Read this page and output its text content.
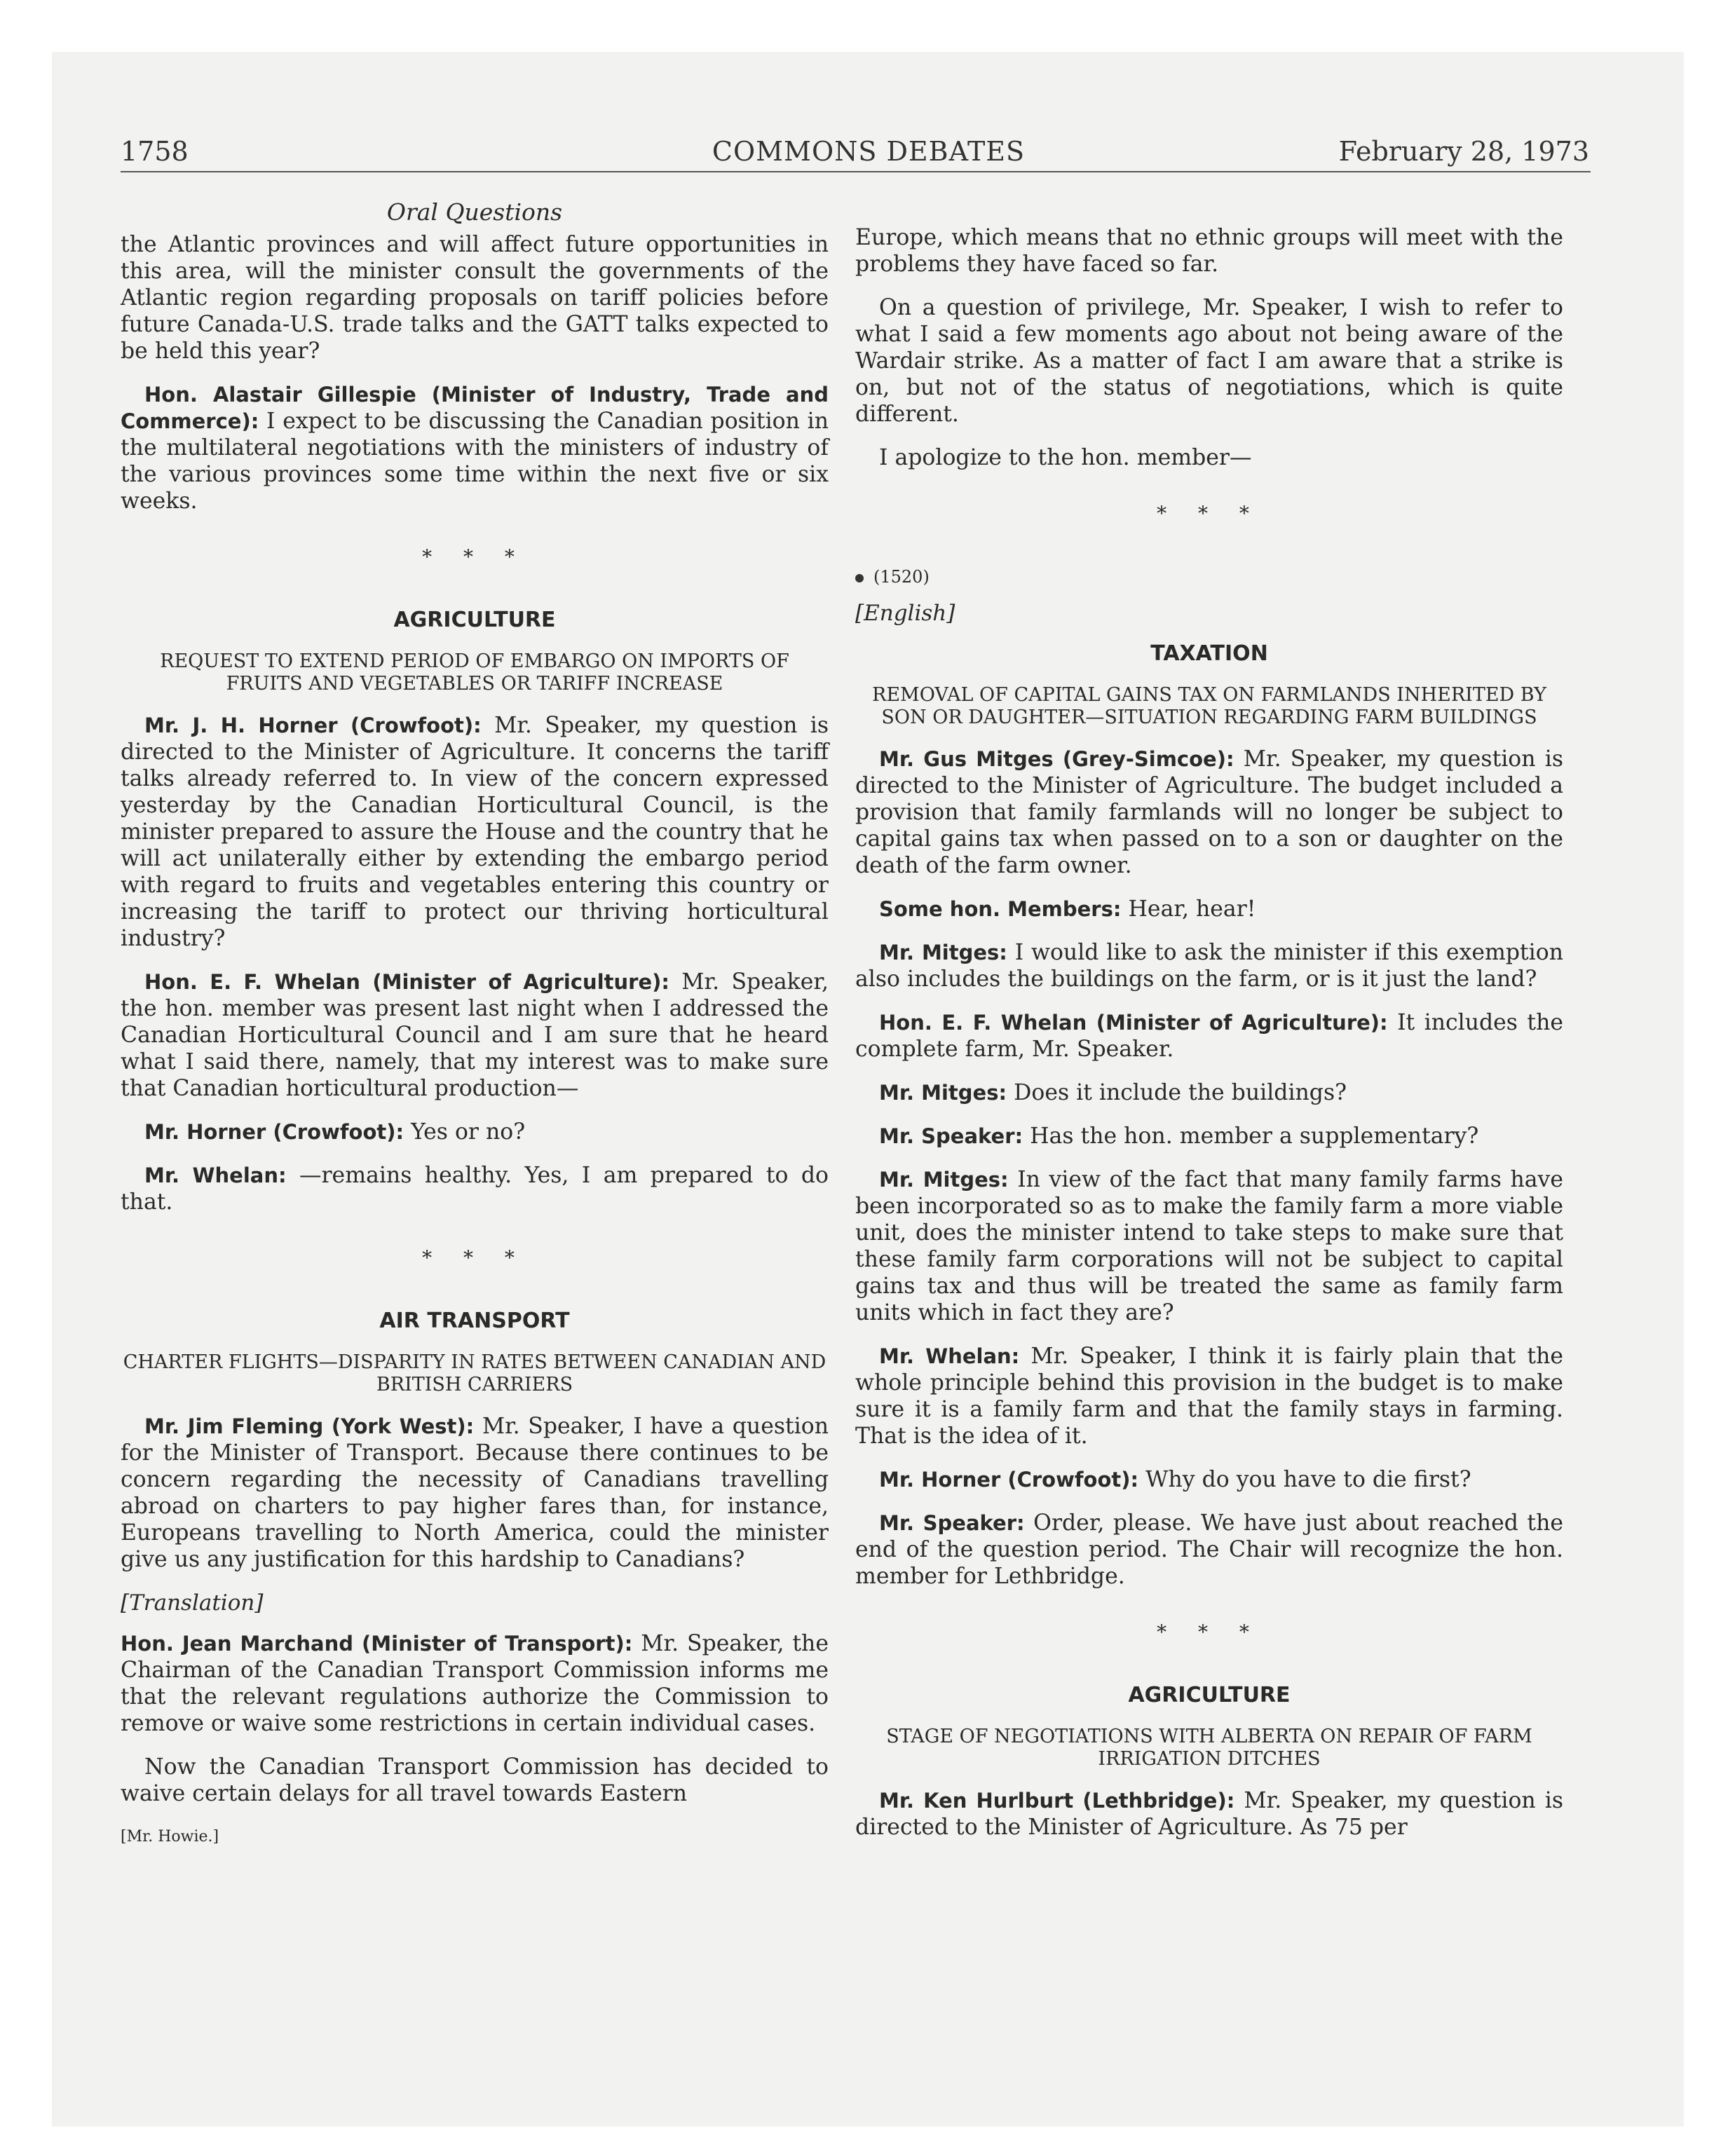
1758	COMMONS DEBATES	February 28, 1973
Oral Questions

the Atlantic provinces and will affect future opportunities in this area, will the minister consult the governments of the Atlantic region regarding proposals on tariff policies before future Canada-U.S. trade talks and the GATT talks expected to be held this year?

Hon. Alastair Gillespie (Minister of Industry, Trade and Commerce): I expect to be discussing the Canadian position in the multilateral negotiations with the ministers of industry of the various provinces some time within the next five or six weeks.

* * *
AGRICULTURE
REQUEST TO EXTEND PERIOD OF EMBARGO ON IMPORTS OF FRUITS AND VEGETABLES OR TARIFF INCREASE

Mr. J. H. Horner (Crowfoot): Mr. Speaker, my question is directed to the Minister of Agriculture. It concerns the tariff talks already referred to. In view of the concern expressed yesterday by the Canadian Horticultural Council, is the minister prepared to assure the House and the country that he will act unilaterally either by extending the embargo period with regard to fruits and vegetables entering this country or increasing the tariff to protect our thriving horticultural industry?

Hon. E. F. Whelan (Minister of Agriculture): Mr. Speaker, the hon. member was present last night when I addressed the Canadian Horticultural Council and I am sure that he heard what I said there, namely, that my interest was to make sure that Canadian horticultural production—

Mr. Horner (Crowfoot): Yes or no?

Mr. Whelan: —remains healthy. Yes, I am prepared to do that.

* * *
AIR TRANSPORT
CHARTER FLIGHTS—DISPARITY IN RATES BETWEEN CANADIAN AND BRITISH CARRIERS

Mr. Jim Fleming (York West): Mr. Speaker, I have a question for the Minister of Transport. Because there continues to be concern regarding the necessity of Canadians travelling abroad on charters to pay higher fares than, for instance, Europeans travelling to North America, could the minister give us any justification for this hardship to Canadians?

[Translation]

Hon. Jean Marchand (Minister of Transport): Mr. Speaker, the Chairman of the Canadian Transport Commission informs me that the relevant regulations authorize the Commission to remove or waive some restrictions in certain individual cases.

Now the Canadian Transport Commission has decided to waive certain delays for all travel towards Eastern

[Mr. Howie.]

Europe, which means that no ethnic groups will meet with the problems they have faced so far.

On a question of privilege, Mr. Speaker, I wish to refer to what I said a few moments ago about not being aware of the Wardair strike. As a matter of fact I am aware that a strike is on, but not of the status of negotiations, which is quite different.

I apologize to the hon. member—

* * *
(1520)
[English]
TAXATION
REMOVAL OF CAPITAL GAINS TAX ON FARMLANDS INHERITED BY SON OR DAUGHTER—SITUATION REGARDING FARM BUILDINGS

Mr. Gus Mitges (Grey-Simcoe): Mr. Speaker, my question is directed to the Minister of Agriculture. The budget included a provision that family farmlands will no longer be subject to capital gains tax when passed on to a son or daughter on the death of the farm owner.

Some hon. Members: Hear, hear!

Mr. Mitges: I would like to ask the minister if this exemption also includes the buildings on the farm, or is it just the land?

Hon. E. F. Whelan (Minister of Agriculture): It includes the complete farm, Mr. Speaker.

Mr. Mitges: Does it include the buildings?

Mr. Speaker: Has the hon. member a supplementary?

Mr. Mitges: In view of the fact that many family farms have been incorporated so as to make the family farm a more viable unit, does the minister intend to take steps to make sure that these family farm corporations will not be subject to capital gains tax and thus will be treated the same as family farm units which in fact they are?

Mr. Whelan: Mr. Speaker, I think it is fairly plain that the whole principle behind this provision in the budget is to make sure it is a family farm and that the family stays in farming. That is the idea of it.

Mr. Horner (Crowfoot): Why do you have to die first?

Mr. Speaker: Order, please. We have just about reached the end of the question period. The Chair will recognize the hon. member for Lethbridge.

* * *
AGRICULTURE
STAGE OF NEGOTIATIONS WITH ALBERTA ON REPAIR OF FARM IRRIGATION DITCHES

Mr. Ken Hurlburt (Lethbridge): Mr. Speaker, my question is directed to the Minister of Agriculture. As 75 per
